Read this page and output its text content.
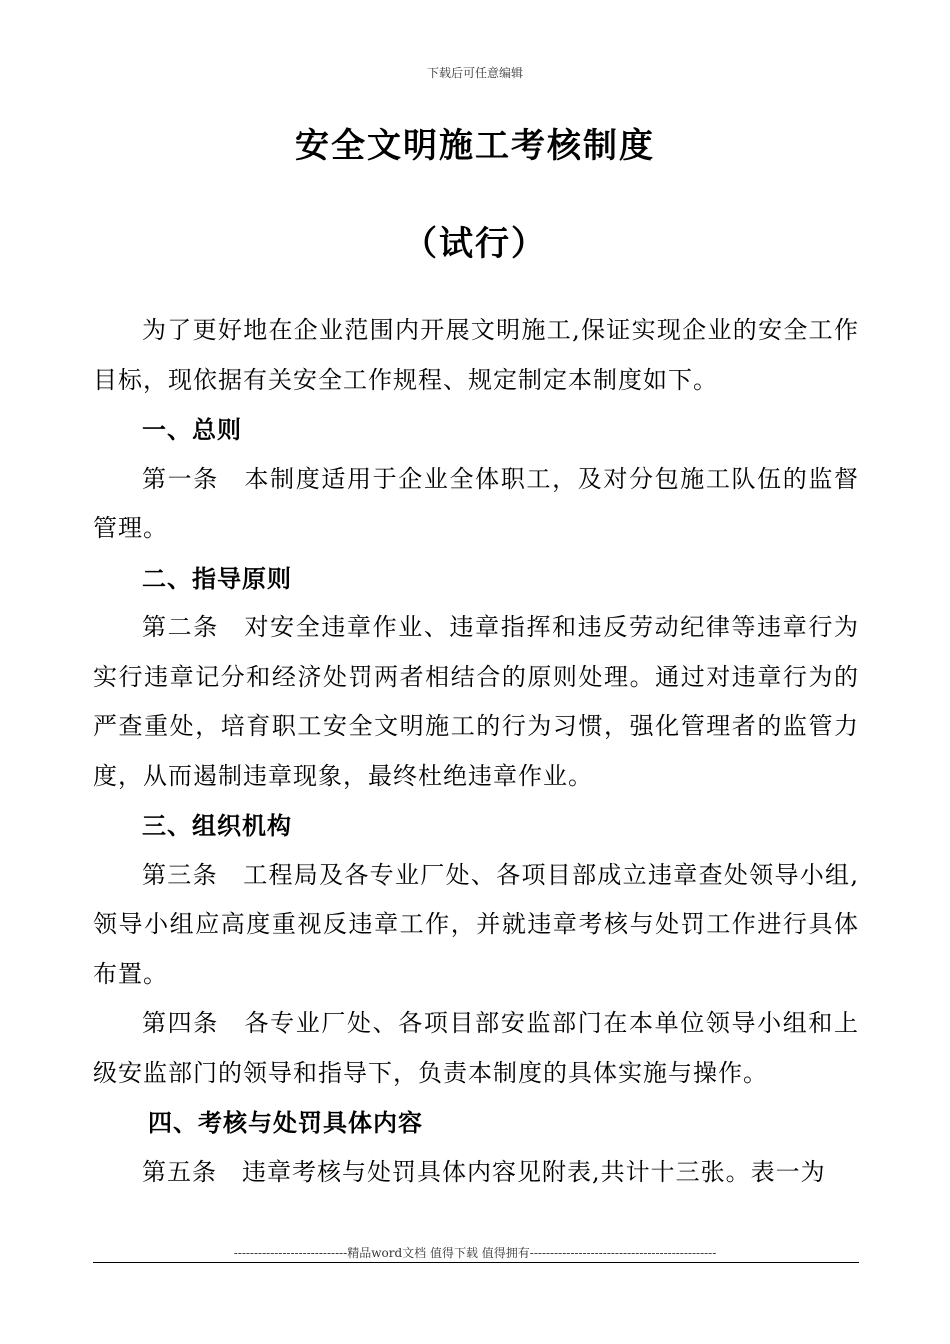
下载后可任意编辑
安全文明施工考核制度
（试行）

为了更好地在企业范围内开展文明施工,保证实现企业的安全工作目标，现依据有关安全工作规程、规定制定本制度如下。

一、总则

第一条　本制度适用于企业全体职工，及对分包施工队伍的监督管理。

二、指导原则

第二条　对安全违章作业、违章指挥和违反劳动纪律等违章行为实行违章记分和经济处罚两者相结合的原则处理。通过对违章行为的严查重处，培育职工安全文明施工的行为习惯，强化管理者的监管力度，从而遏制违章现象，最终杜绝违章作业。

三、组织机构

第三条　工程局及各专业厂处、各项目部成立违章查处领导小组,领导小组应高度重视反违章工作，并就违章考核与处罚工作进行具体布置。

第四条　各专业厂处、各项目部安监部门在本单位领导小组和上级安监部门的领导和指导下，负责本制度的具体实施与操作。

四、考核与处罚具体内容

第五条　违章考核与处罚具体内容见附表,共计十三张。表一为

----------------------------精品word文档 值得下载 值得拥有----------------------------------------------
